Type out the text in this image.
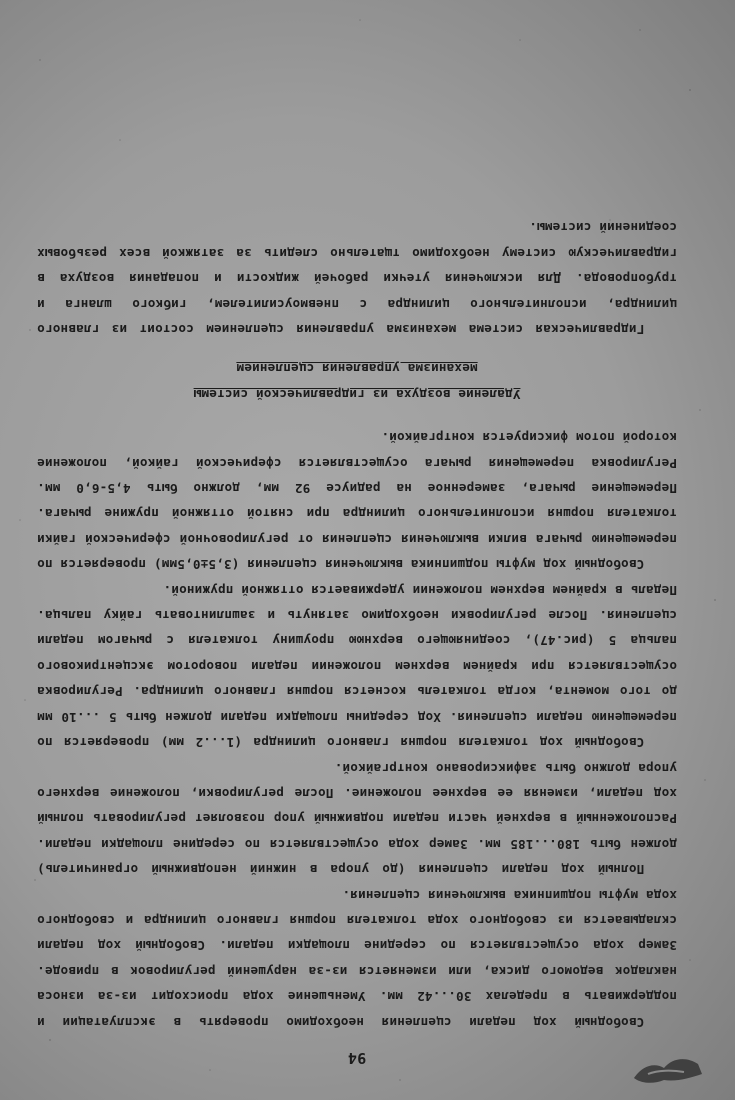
94

Свободный ход педали сцепления необходимо проверять в эксплуатации и поддерживать в пределах 30...42 мм. Уменьшение хода происходит из-за износа накладок ведомого диска, или изменяется из-за нарушений регулировок в приводе. Замер хода осуществляется по середине площадки педали. Свободный ход педали складывается из свободного хода толкателя поршня главного цилиндра и свободного хода муфты подшипника выключения сцепления.

Полный ход педали сцепления (до упора в нижний неподвижный ограничитель) должен быть 180...185 мм. Замер хода осуществляется по середине площадки педали. Расположенный в верхней части педали подвижный упор позволяет регулировать полный ход педали, изменяя ее верхнее положение. После регулировки, положение верхнего упора должно быть зафиксировано контргайкой.

Свободный ход толкателя поршня главного цилиндра (1...2 мм) проверяется по перемещению педали сцепления. Ход середины площадки педали должен быть 5 ...10 мм до того момента, когда толкатель коснется поршня главного цилиндра. Регулировка осуществляется при крайнем верхнем положении педали поворотом эксцентрикового пальца 5 (рис.47), соединяющего верхнюю проушину толкателя с рычагом педали сцепления. После регулировки необходимо затянуть и зашплинтовать гайку пальца. Педаль в крайнем верхнем положении удерживается оттяжной пружиной.

Свободный ход муфты подшипника выключения сцепления (3,5±0,5мм) проверяется по перемещению рычага вилки выключения сцепления от регулировочной сферической гайки толкателя поршня исполнительного цилиндра при снятой оттяжной пружине рычага. Перемещение рычага, замеренное на радиусе 92 мм, должно быть 4,5-6,0 мм. Регулировка перемещения рычага осуществляется сферической гайкой, положение которой потом фиксируется контргайкой.

Удаление воздуха из гидравлической системы
механизма управления сцеплением

Гидравлическая система механизма управления сцеплением состоит из главного цилиндра, исполнительного цилиндра с пневмоусилителем, гибкого шланга и трубопровода. Для исключения утечки рабочей жидкости и попадания воздуха в гидравлическую систему необходимо тщательно следить за затяжкой всех резьбовых соединений системы.
